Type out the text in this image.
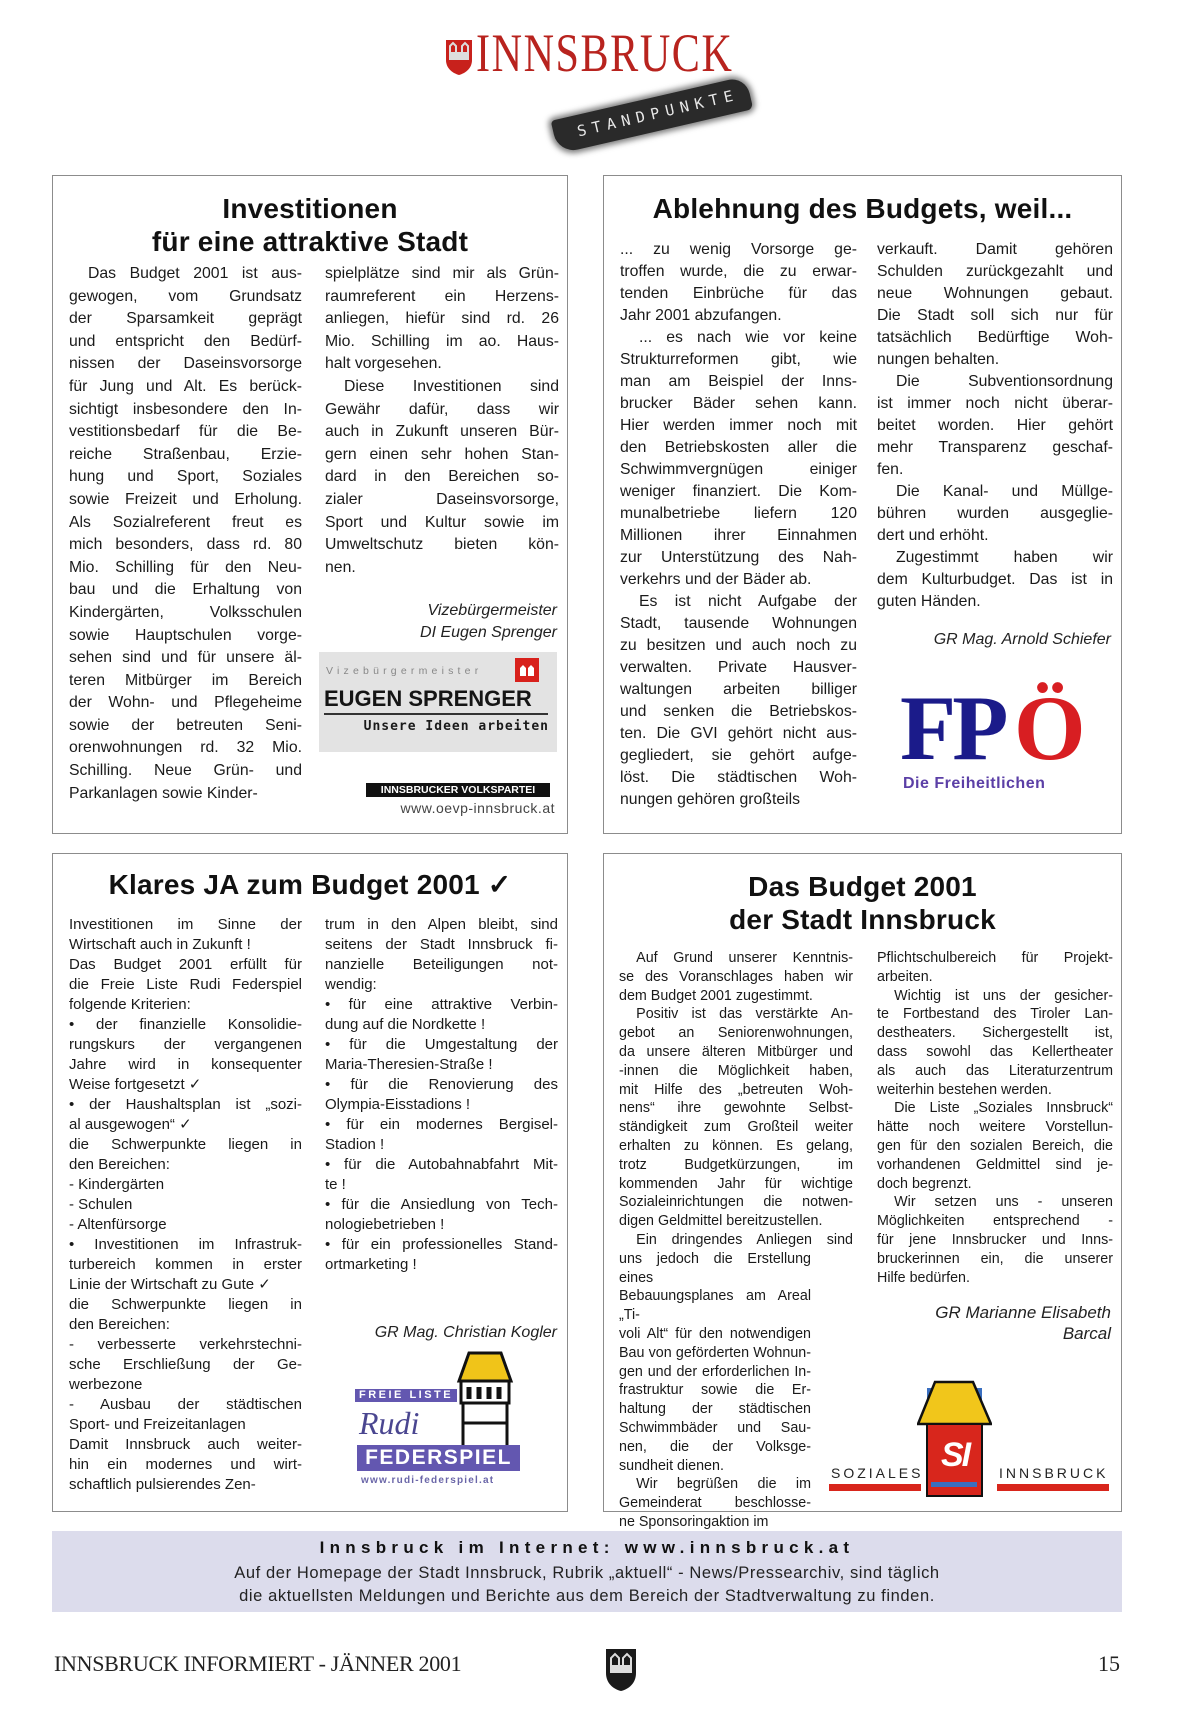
INNSBRUCK
STANDPUNKTE
Investitionen
für eine attraktive Stadt
Das Budget 2001 ist aus-
gewogen, vom Grundsatz
der Sparsamkeit geprägt
und entspricht den Bedürf-
nissen der Daseinsvorsorge
für Jung und Alt. Es berück-
sichtigt insbesondere den In-
vestitionsbedarf für die Be-
reiche Straßenbau, Erzie-
hung und Sport, Soziales
sowie Freizeit und Erholung.
Als Sozialreferent freut es
mich besonders, dass rd. 80
Mio. Schilling für den Neu-
bau und die Erhaltung von
Kindergärten, Volksschulen
sowie Hauptschulen vorge-
sehen sind und für unsere äl-
teren Mitbürger im Bereich
der Wohn- und Pflegeheime
sowie der betreuten Seni-
orenwohnungen rd. 32 Mio.
Schilling. Neue Grün- und
Parkanlagen sowie Kinder-
spielplätze sind mir als Grün-
raumreferent ein Herzens-
anliegen, hiefür sind rd. 26
Mio. Schilling im ao. Haus-
halt vorgesehen.
Diese Investitionen sind
Gewähr dafür, dass wir
auch in Zukunft unseren Bür-
gern einen sehr hohen Stan-
dard in den Bereichen so-
zialer Daseinsvorsorge,
Sport und Kultur sowie im
Umweltschutz bieten kön-
nen.
Vizebürgermeister
DI Eugen Sprenger
Vizebürgermeister
EUGEN SPRENGER
Unsere Ideen arbeiten
INNSBRUCKER VOLKSPARTEI
www.oevp-innsbruck.at
Ablehnung des Budgets, weil...
... zu wenig Vorsorge ge-
troffen wurde, die zu erwar-
tenden Einbrüche für das
Jahr 2001 abzufangen.
... es nach wie vor keine
Strukturreformen gibt, wie
man am Beispiel der Inns-
brucker Bäder sehen kann.
Hier werden immer noch mit
den Betriebskosten aller die
Schwimmvergnügen einiger
weniger finanziert. Die Kom-
munalbetriebe liefern 120
Millionen ihrer Einnahmen
zur Unterstützung des Nah-
verkehrs und der Bäder ab.
Es ist nicht Aufgabe der
Stadt, tausende Wohnungen
zu besitzen und auch noch zu
verwalten. Private Hausver-
waltungen arbeiten billiger
und senken die Betriebskos-
ten. Die GVI gehört nicht aus-
gegliedert, sie gehört aufge-
löst. Die städtischen Woh-
nungen gehören großteils
verkauft. Damit gehören
Schulden zurückgezahlt und
neue Wohnungen gebaut.
Die Stadt soll sich nur für
tatsächlich Bedürftige Woh-
nungen behalten.
Die Subventionsordnung
ist immer noch nicht überar-
beitet worden. Hier gehört
mehr Transparenz geschaf-
fen.
Die Kanal- und Müllge-
bühren wurden ausgeglie-
dert und erhöht.
Zugestimmt haben wir
dem Kulturbudget. Das ist in
guten Händen.
GR Mag. Arnold Schiefer
FP Ö
Die Freiheitlichen
Klares JA zum Budget 2001 ✓
Investitionen im Sinne der
Wirtschaft auch in Zukunft !
Das Budget 2001 erfüllt für
die Freie Liste Rudi Federspiel
folgende Kriterien:
• der finanzielle Konsolidie-
rungskurs der vergangenen
Jahre wird in konsequenter
Weise fortgesetzt ✓
• der Haushaltsplan ist „sozi-
al ausgewogen“ ✓
die Schwerpunkte liegen in
den Bereichen:
- Kindergärten
- Schulen
- Altenfürsorge
• Investitionen im Infrastruk-
turbereich kommen in erster
Linie der Wirtschaft zu Gute ✓
die Schwerpunkte liegen in
den Bereichen:
- verbesserte verkehrstechni-
sche Erschließung der Ge-
werbezone
- Ausbau der städtischen
Sport- und Freizeitanlagen
Damit Innsbruck auch weiter-
hin ein modernes und wirt-
schaftlich pulsierendes Zen-
trum in den Alpen bleibt, sind
seitens der Stadt Innsbruck fi-
nanzielle Beteiligungen not-
wendig:
• für eine attraktive Verbin-
dung auf die Nordkette !
• für die Umgestaltung der
Maria-Theresien-Straße !
• für die Renovierung des
Olympia-Eisstadions !
• für ein modernes Bergisel-
Stadion !
• für die Autobahnabfahrt Mit-
te !
• für die Ansiedlung von Tech-
nologiebetrieben !
• für ein professionelles Stand-
ortmarketing !
GR Mag. Christian Kogler
FREIE LISTE
Rudi
FEDERSPIEL
www.rudi-federspiel.at
Das Budget 2001
der Stadt Innsbruck
Auf Grund unserer Kenntnis-
se des Voranschlages haben wir
dem Budget 2001 zugestimmt.
Positiv ist das verstärkte An-
gebot an Seniorenwohnungen,
da unsere älteren Mitbürger und
-innen die Möglichkeit haben,
mit Hilfe des „betreuten Woh-
nens“ ihre gewohnte Selbst-
ständigkeit zum Großteil weiter
erhalten zu können. Es gelang,
trotz Budgetkürzungen, im
kommenden Jahr für wichtige
Sozialeinrichtungen die notwen-
digen Geldmittel bereitzustellen.
Ein dringendes Anliegen sind
uns jedoch die Erstellung eines
Bebauungsplanes am Areal „Ti-
voli Alt“ für den notwendigen
Bau von geförderten Wohnun-
gen und der erforderlichen In-
frastruktur sowie die Er-
haltung der städtischen
Schwimmbäder und Sau-
nen, die der Volksge-
sundheit dienen.
Wir begrüßen die im
Gemeinderat beschlosse-
ne Sponsoringaktion im
Pflichtschulbereich für Projekt-
arbeiten.
Wichtig ist uns der gesicher-
te Fortbestand des Tiroler Lan-
destheaters. Sichergestellt ist,
dass sowohl das Kellertheater
als auch das Literaturzentrum
weiterhin bestehen werden.
Die Liste „Soziales Innsbruck“
hätte noch weitere Vorstellun-
gen für den sozialen Bereich, die
vorhandenen Geldmittel sind je-
doch begrenzt.
Wir setzen uns - unseren
Möglichkeiten entsprechend -
für jene Innsbrucker und Inns-
bruckerinnen ein, die unserer
Hilfe bedürfen.
GR Marianne Elisabeth
Barcal
SI
SOZIALES	INNSBRUCK
Innsbruck im Internet: www.innsbruck.at
Auf der Homepage der Stadt Innsbruck, Rubrik „aktuell“ - News/Pressearchiv, sind täglich
die aktuellsten Meldungen und Berichte aus dem Bereich der Stadtverwaltung zu finden.
INNSBRUCK INFORMIERT - JÄNNER 2001	15
